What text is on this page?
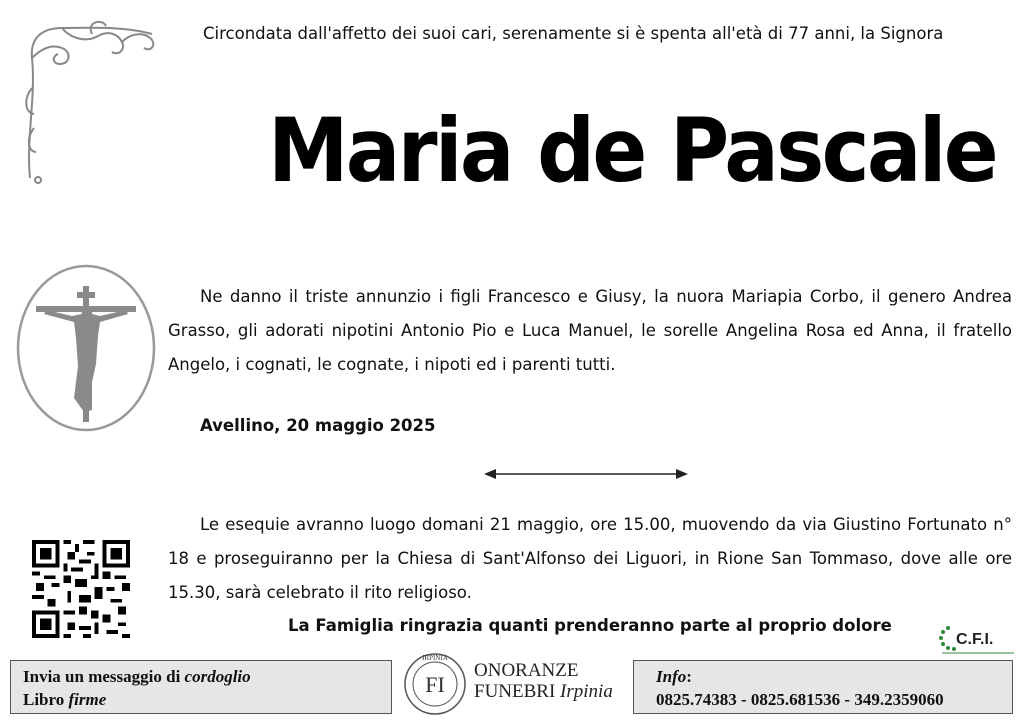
Circondata dall'affetto dei suoi cari, serenamente si è spenta all'età di 77 anni, la Signora
Maria de Pascale
Ne danno il triste annunzio i figli Francesco e Giusy, la nuora Mariapia Corbo, il genero Andrea Grasso, gli adorati nipotini Antonio Pio e Luca Manuel, le sorelle Angelina Rosa ed Anna, il fratello Angelo, i cognati, le cognate, i nipoti ed i parenti tutti.
Avellino, 20 maggio 2025
Le esequie avranno luogo domani 21 maggio, ore 15.00, muovendo da via Giustino Fortunato n° 18 e proseguiranno per la Chiesa di Sant'Alfonso dei Liguori, in Rione San Tommaso, dove alle ore 15.30, sarà celebrato il rito religioso.
La Famiglia ringrazia quanti prenderanno parte al proprio dolore
C.F.I.
Invia un messaggio di cordoglio
Libro firme
IRPINIA
FI
ONORANZE
FUNEBRI Irpinia
Info:
0825.74383 - 0825.681536 - 349.2359060
